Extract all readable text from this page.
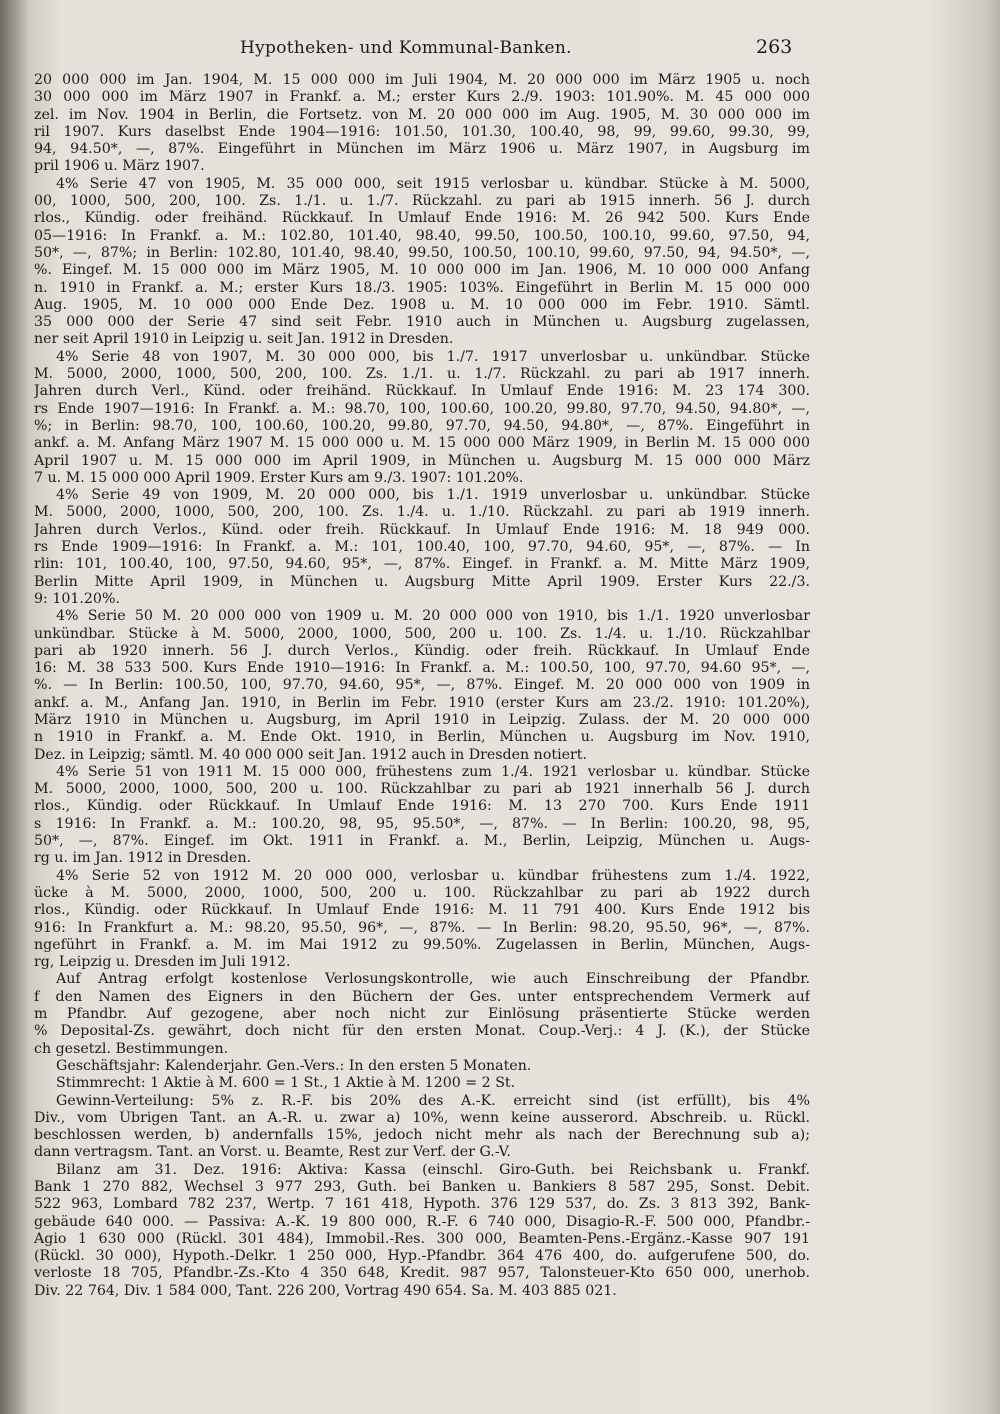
Hypotheken- und Kommunal-Banken.	263
20 000 000 im Jan. 1904, M. 15 000 000 im Juli 1904, M. 20 000 000 im März 1905 u. noch
30 000 000 im März 1907 in Frankf. a. M.; erster Kurs 2./9. 1903: 101.90%. M. 45 000 000
zel. im Nov. 1904 in Berlin, die Fortsetz. von M. 20 000 000 im Aug. 1905, M. 30 000 000 im
ril 1907. Kurs daselbst Ende 1904—1916: 101.50, 101.30, 100.40, 98, 99, 99.60, 99.30, 99,
94, 94.50*, —, 87%. Eingeführt in München im März 1906 u. März 1907, in Augsburg im
pril 1906 u. März 1907.
4% Serie 47 von 1905, M. 35 000 000, seit 1915 verlosbar u. kündbar. Stücke à M. 5000,
00, 1000, 500, 200, 100. Zs. 1./1. u. 1./7. Rückzahl. zu pari ab 1915 innerh. 56 J. durch
rlos., Kündig. oder freihänd. Rückkauf. In Umlauf Ende 1916: M. 26 942 500. Kurs Ende
05—1916: In Frankf. a. M.: 102.80, 101.40, 98.40, 99.50, 100.50, 100.10, 99.60, 97.50, 94,
50*, —, 87%; in Berlin: 102.80, 101.40, 98.40, 99.50, 100.50, 100.10, 99.60, 97.50, 94, 94.50*, —,
%. Eingef. M. 15 000 000 im März 1905, M. 10 000 000 im Jan. 1906, M. 10 000 000 Anfang
n. 1910 in Frankf. a. M.; erster Kurs 18./3. 1905: 103%. Eingeführt in Berlin M. 15 000 000
Aug. 1905, M. 10 000 000 Ende Dez. 1908 u. M. 10 000 000 im Febr. 1910. Sämtl.
35 000 000 der Serie 47 sind seit Febr. 1910 auch in München u. Augsburg zugelassen,
ner seit April 1910 in Leipzig u. seit Jan. 1912 in Dresden.
4% Serie 48 von 1907, M. 30 000 000, bis 1./7. 1917 unverlosbar u. unkündbar. Stücke
M. 5000, 2000, 1000, 500, 200, 100. Zs. 1./1. u. 1./7. Rückzahl. zu pari ab 1917 innerh.
Jahren durch Verl., Künd. oder freihänd. Rückkauf. In Umlauf Ende 1916: M. 23 174 300.
rs Ende 1907—1916: In Frankf. a. M.: 98.70, 100, 100.60, 100.20, 99.80, 97.70, 94.50, 94.80*, —,
%; in Berlin: 98.70, 100, 100.60, 100.20, 99.80, 97.70, 94.50, 94.80*, —, 87%. Eingeführt in
ankf. a. M. Anfang März 1907 M. 15 000 000 u. M. 15 000 000 März 1909, in Berlin M. 15 000 000
April 1907 u. M. 15 000 000 im April 1909, in München u. Augsburg M. 15 000 000 März
7 u. M. 15 000 000 April 1909. Erster Kurs am 9./3. 1907: 101.20%.
4% Serie 49 von 1909, M. 20 000 000, bis 1./1. 1919 unverlosbar u. unkündbar. Stücke
M. 5000, 2000, 1000, 500, 200, 100. Zs. 1./4. u. 1./10. Rückzahl. zu pari ab 1919 innerh.
Jahren durch Verlos., Künd. oder freih. Rückkauf. In Umlauf Ende 1916: M. 18 949 000.
rs Ende 1909—1916: In Frankf. a. M.: 101, 100.40, 100, 97.70, 94.60, 95*, —, 87%. — In
rlin: 101, 100.40, 100, 97.50, 94.60, 95*, —, 87%. Eingef. in Frankf. a. M. Mitte März 1909,
Berlin Mitte April 1909, in München u. Augsburg Mitte April 1909. Erster Kurs 22./3.
9: 101.20%.
4% Serie 50 M. 20 000 000 von 1909 u. M. 20 000 000 von 1910, bis 1./1. 1920 unverlosbar
unkündbar. Stücke à M. 5000, 2000, 1000, 500, 200 u. 100. Zs. 1./4. u. 1./10. Rückzahlbar
pari ab 1920 innerh. 56 J. durch Verlos., Kündig. oder freih. Rückkauf. In Umlauf Ende
16: M. 38 533 500. Kurs Ende 1910—1916: In Frankf. a. M.: 100.50, 100, 97.70, 94.60 95*, —,
%. — In Berlin: 100.50, 100, 97.70, 94.60, 95*, —, 87%. Eingef. M. 20 000 000 von 1909 in
ankf. a. M., Anfang Jan. 1910, in Berlin im Febr. 1910 (erster Kurs am 23./2. 1910: 101.20%),
März 1910 in München u. Augsburg, im April 1910 in Leipzig. Zulass. der M. 20 000 000
n 1910 in Frankf. a. M. Ende Okt. 1910, in Berlin, München u. Augsburg im Nov. 1910,
Dez. in Leipzig; sämtl. M. 40 000 000 seit Jan. 1912 auch in Dresden notiert.
4% Serie 51 von 1911 M. 15 000 000, frühestens zum 1./4. 1921 verlosbar u. kündbar. Stücke
M. 5000, 2000, 1000, 500, 200 u. 100. Rückzahlbar zu pari ab 1921 innerhalb 56 J. durch
rlos., Kündig. oder Rückkauf. In Umlauf Ende 1916: M. 13 270 700. Kurs Ende 1911
s 1916: In Frankf. a. M.: 100.20, 98, 95, 95.50*, —, 87%. — In Berlin: 100.20, 98, 95,
50*, —, 87%. Eingef. im Okt. 1911 in Frankf. a. M., Berlin, Leipzig, München u. Augs-
rg u. im Jan. 1912 in Dresden.
4% Serie 52 von 1912 M. 20 000 000, verlosbar u. kündbar frühestens zum 1./4. 1922,
ücke à M. 5000, 2000, 1000, 500, 200 u. 100. Rückzahlbar zu pari ab 1922 durch
rlos., Kündig. oder Rückkauf. In Umlauf Ende 1916: M. 11 791 400. Kurs Ende 1912 bis
916: In Frankfurt a. M.: 98.20, 95.50, 96*, —, 87%. — In Berlin: 98.20, 95.50, 96*, —, 87%.
ngeführt in Frankf. a. M. im Mai 1912 zu 99.50%. Zugelassen in Berlin, München, Augs-
rg, Leipzig u. Dresden im Juli 1912.
Auf Antrag erfolgt kostenlose Verlosungskontrolle, wie auch Einschreibung der Pfandbr.
f den Namen des Eigners in den Büchern der Ges. unter entsprechendem Vermerk auf
m Pfandbr. Auf gezogene, aber noch nicht zur Einlösung präsentierte Stücke werden
% Deposital-Zs. gewährt, doch nicht für den ersten Monat. Coup.-Verj.: 4 J. (K.), der Stücke
ch gesetzl. Bestimmungen.
Geschäftsjahr: Kalenderjahr. Gen.-Vers.: In den ersten 5 Monaten.
Stimmrecht: 1 Aktie à M. 600 = 1 St., 1 Aktie à M. 1200 = 2 St.
Gewinn-Verteilung: 5% z. R.-F. bis 20% des A.-K. erreicht sind (ist erfüllt), bis 4%
Div., vom Übrigen Tant. an A.-R. u. zwar a) 10%, wenn keine ausserord. Abschreib. u. Rückl.
beschlossen werden, b) andernfalls 15%, jedoch nicht mehr als nach der Berechnung sub a);
dann vertragsm. Tant. an Vorst. u. Beamte, Rest zur Verf. der G.-V.
Bilanz am 31. Dez. 1916: Aktiva: Kassa (einschl. Giro-Guth. bei Reichsbank u. Frankf.
Bank 1 270 882, Wechsel 3 977 293, Guth. bei Banken u. Bankiers 8 587 295, Sonst. Debit.
522 963, Lombard 782 237, Wertp. 7 161 418, Hypoth. 376 129 537, do. Zs. 3 813 392, Bank-
gebäude 640 000. — Passiva: A.-K. 19 800 000, R.-F. 6 740 000, Disagio-R.-F. 500 000, Pfandbr.-
Agio 1 630 000 (Rückl. 301 484), Immobil.-Res. 300 000, Beamten-Pens.-Ergänz.-Kasse 907 191
(Rückl. 30 000), Hypoth.-Delkr. 1 250 000, Hyp.-Pfandbr. 364 476 400, do. aufgerufene 500, do.
verloste 18 705, Pfandbr.-Zs.-Kto 4 350 648, Kredit. 987 957, Talonsteuer-Kto 650 000, unerhob.
Div. 22 764, Div. 1 584 000, Tant. 226 200, Vortrag 490 654. Sa. M. 403 885 021.
